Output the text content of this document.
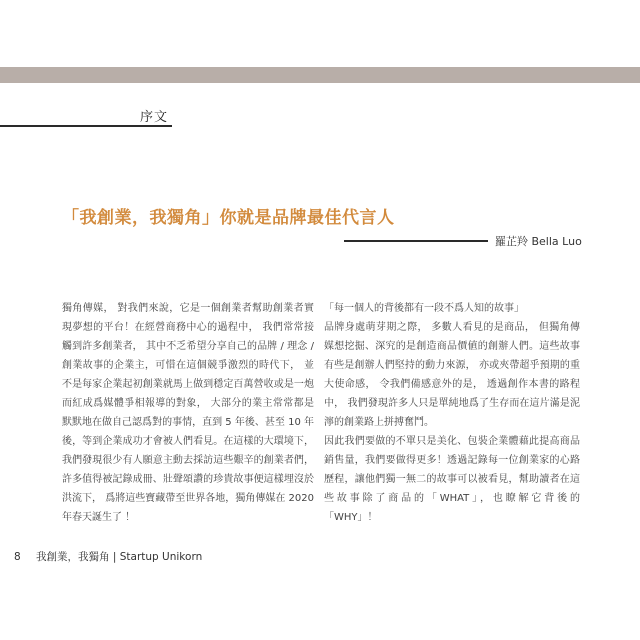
序文
「我創業，我獨角」你就是品牌最佳代言人
羅芷羚 Bella Luo

獨角傳媒， 對我們來說，它是一個創業者幫助創業者實現夢想的平台！在經營商務中心的過程中， 我們常常接觸到許多創業者， 其中不乏希望分享自己的品牌 / 理念 / 創業故事的企業主，可惜在這個競爭激烈的時代下， 並不是每家企業起初創業就馬上做到穩定百萬營收或是一炮而紅成爲媒體爭相報導的對象， 大部分的業主常常都是默默地在做自己認爲對的事情，直到 5 年後、甚至 10 年後，等到企業成功才會被人們看見。在這樣的大環境下， 我們發現很少有人願意主動去採訪這些艱辛的創業者們， 許多值得被記錄成冊、壯聲頌讚的珍貴故事便這樣埋沒於洪流下， 爲將這些寶藏帶至世界各地，獨角傳媒在 2020 年春天誕生了 ！

「每一個人的背後都有一段不爲人知的故事」

品牌身處萌芽期之際， 多數人看見的是商品， 但獨角傳媒想挖掘、深究的是創造商品價値的創辦人們。這些故事有些是創辦人們堅持的動力來源， 亦或夾帶超乎預期的重大使命感， 令我們備感意外的是， 透過創作本書的路程中， 我們發現許多人只是單純地爲了生存而在這片滿是泥濘的創業路上拼搏奮鬥。

因此我們要做的不單只是美化、包裝企業體藉此提高商品銷售量，我們要做得更多！透過記錄每一位創業家的心路歷程，讓他們獨一無二的故事可以被看見，幫助讀者在這些故事除了商品的「WHAT」，也瞭解它背後的「WHY」！

8 我創業，我獨角 | Startup Unikorn
